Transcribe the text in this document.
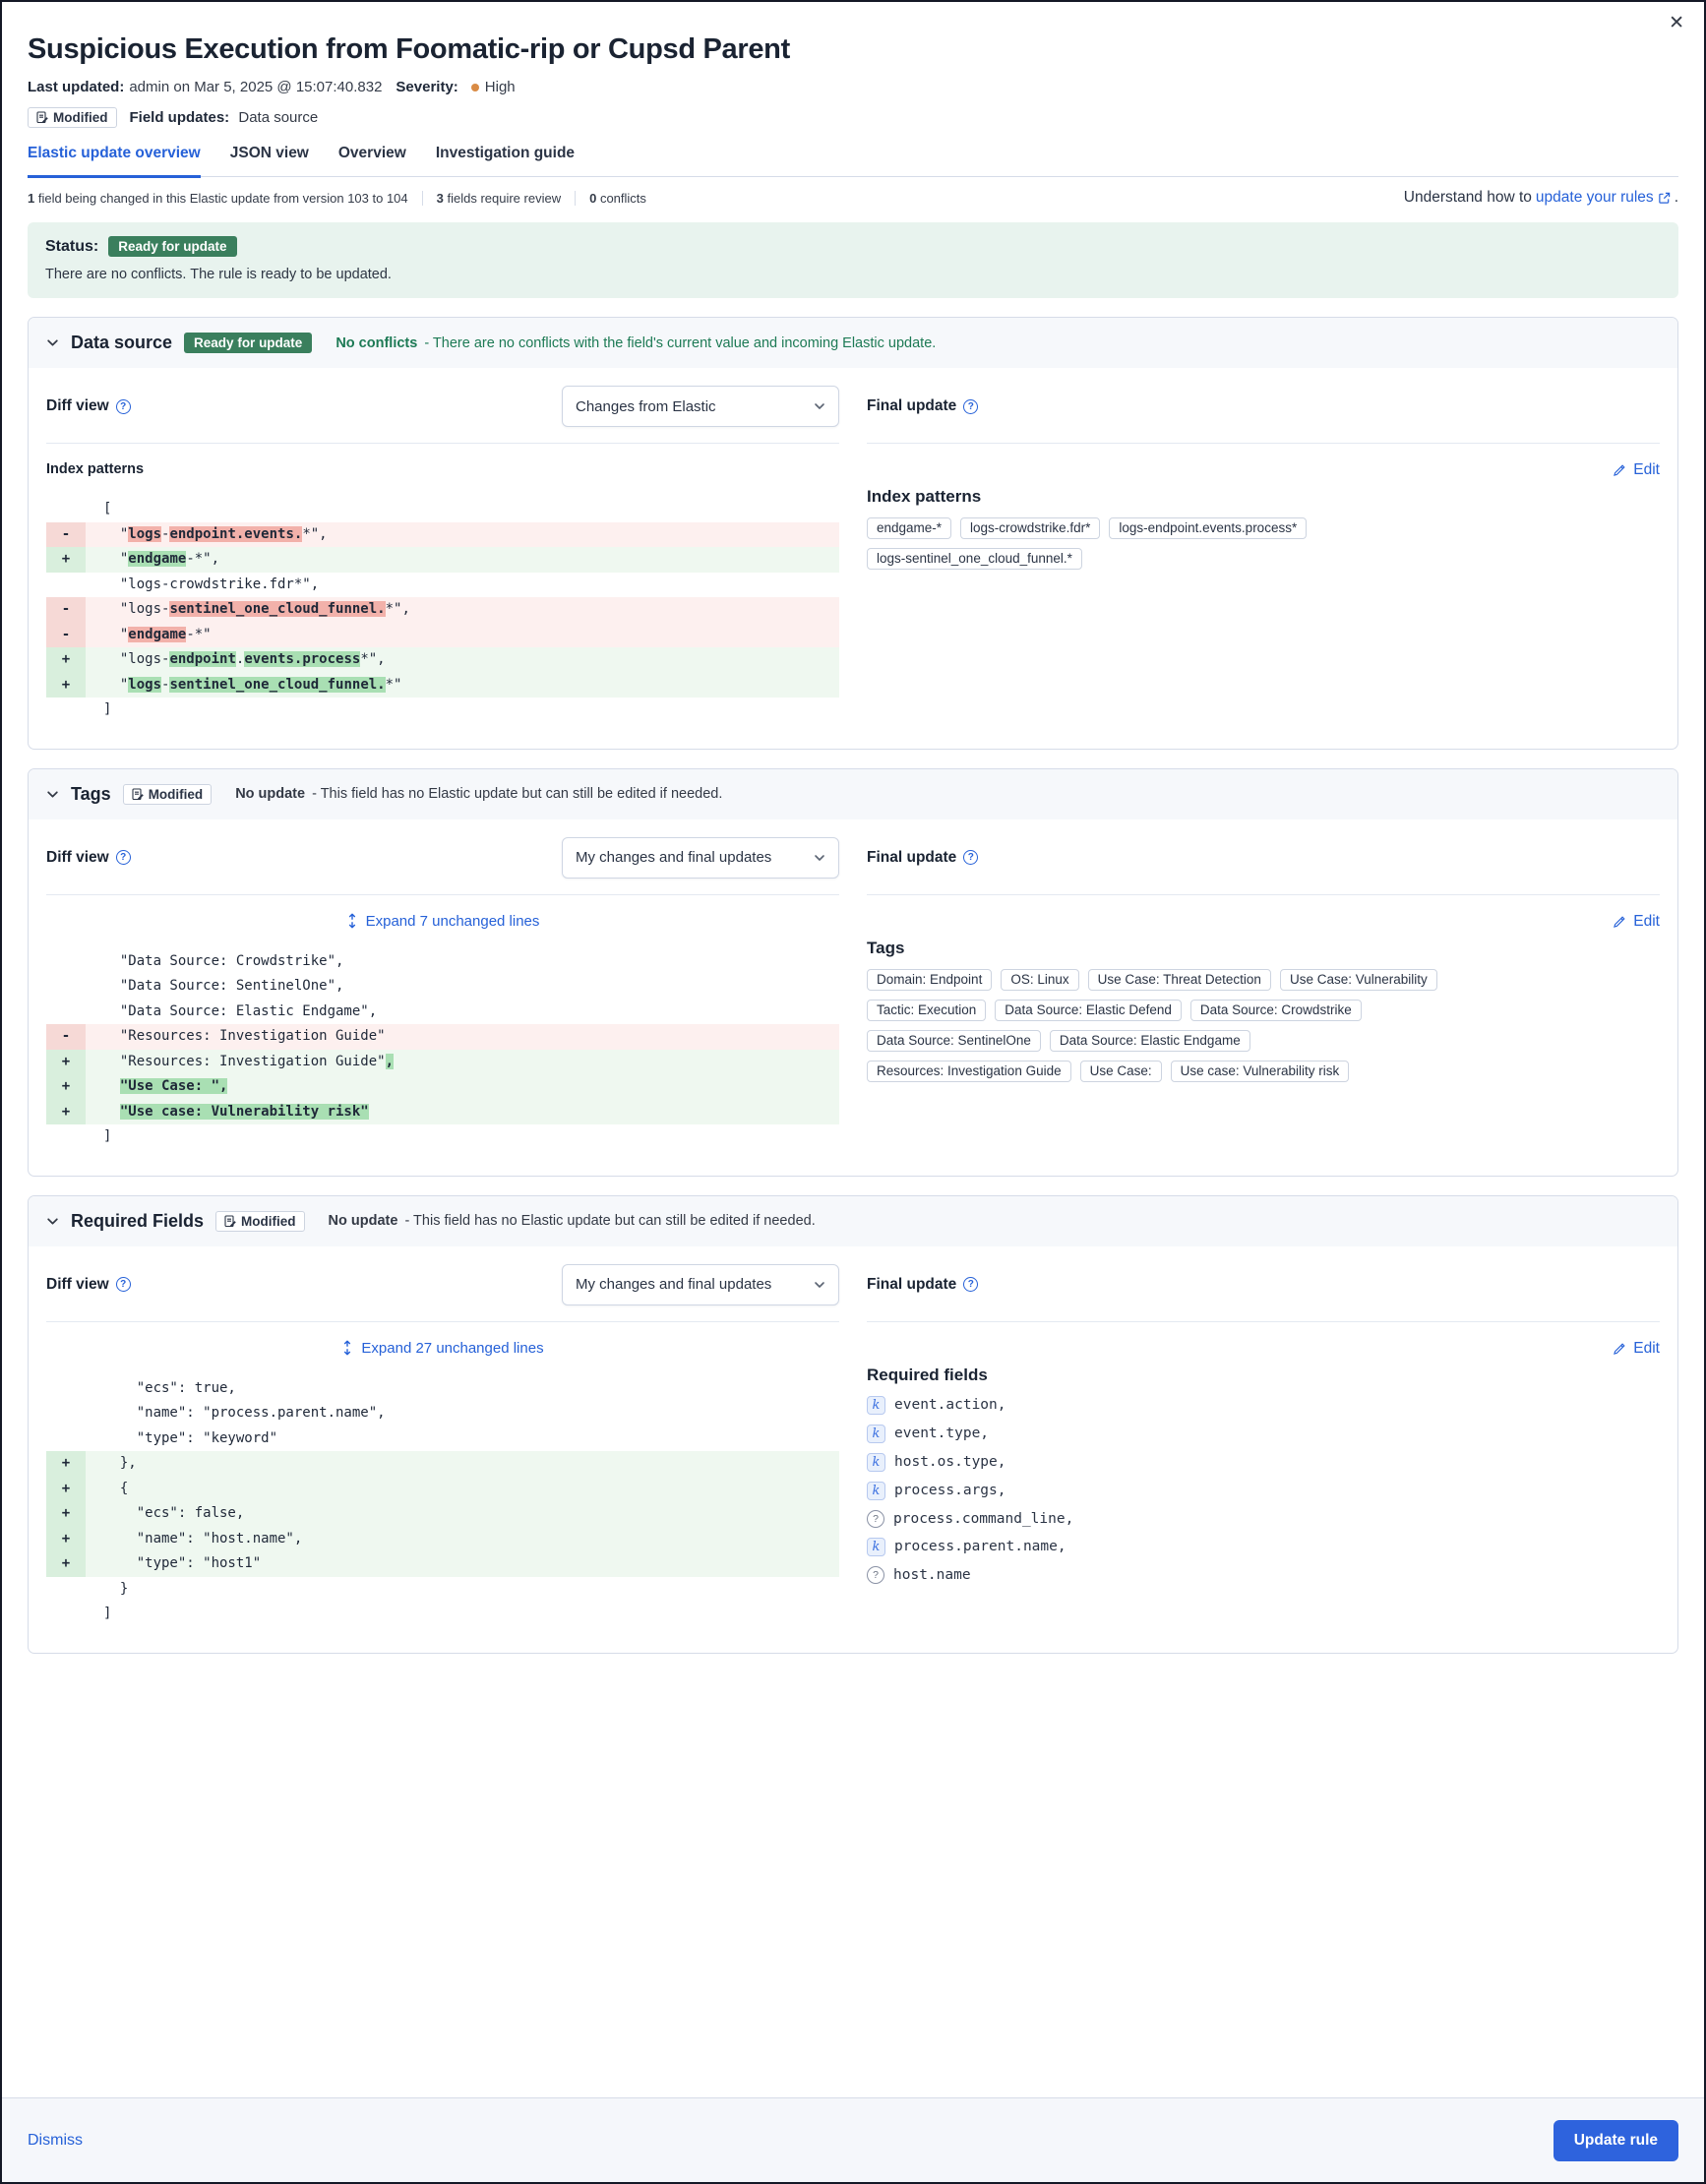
✕
Suspicious Execution from Foomatic-rip or Cupsd Parent
Last updated: admin on Mar 5, 2025 @ 15:07:40.832 Severity: High
Modified Field updates: Data source
Elastic update overview JSON view Overview Investigation guide
1 field being changed in this Elastic update from version 103 to 104 3 fields require review 0 conflicts	Understand how to update your rules .
Status:	Ready for update
There are no conflicts. The rule is ready to be updated.
Data source	Ready for update	No conflicts - There are no conflicts with the field's current value and incoming Elastic update.
Diff view	?	Changes from Elastic
Index patterns
[
-	"logs-endpoint.events.*",
+	"endgame-*",
"logs-crowdstrike.fdr*",
-	"logs-sentinel_one_cloud_funnel.*",
-	"endgame-*"
+	"logs-endpoint.events.process*",
+	"logs-sentinel_one_cloud_funnel.*"
]
Final update	?
Edit
Index patterns
endgame-*	logs-crowdstrike.fdr*	logs-endpoint.events.process*
logs-sentinel_one_cloud_funnel.*
Tags	Modified No update - This field has no Elastic update but can still be edited if needed.
Diff view	?	My changes and final updates
Expand 7 unchanged lines
"Data Source: Crowdstrike",
"Data Source: SentinelOne",
"Data Source: Elastic Endgame",
-	"Resources: Investigation Guide"
+	"Resources: Investigation Guide",
+	"Use Case: ",
+	"Use case: Vulnerability risk"
]
Final update	?
Edit
Tags
Domain: Endpoint	OS: Linux	Use Case: Threat Detection	Use Case: Vulnerability
Tactic: Execution	Data Source: Elastic Defend	Data Source: Crowdstrike
Data Source: SentinelOne	Data Source: Elastic Endgame
Resources: Investigation Guide	Use Case:	Use case: Vulnerability risk
Required Fields	Modified No update - This field has no Elastic update but can still be edited if needed.
Diff view	?	My changes and final updates
Expand 27 unchanged lines
"ecs": true,
"name": "process.parent.name",
"type": "keyword"
+	},
+	{
+	"ecs": false,
+	"name": "host.name",
+	"type": "host1"
}
]
Final update	?
Edit
Required fields
k	event.action,
k	event.type,
k	host.os.type,
k	process.args,
?	process.command_line,
k	process.parent.name,
?	host.name
Dismiss	Update rule
